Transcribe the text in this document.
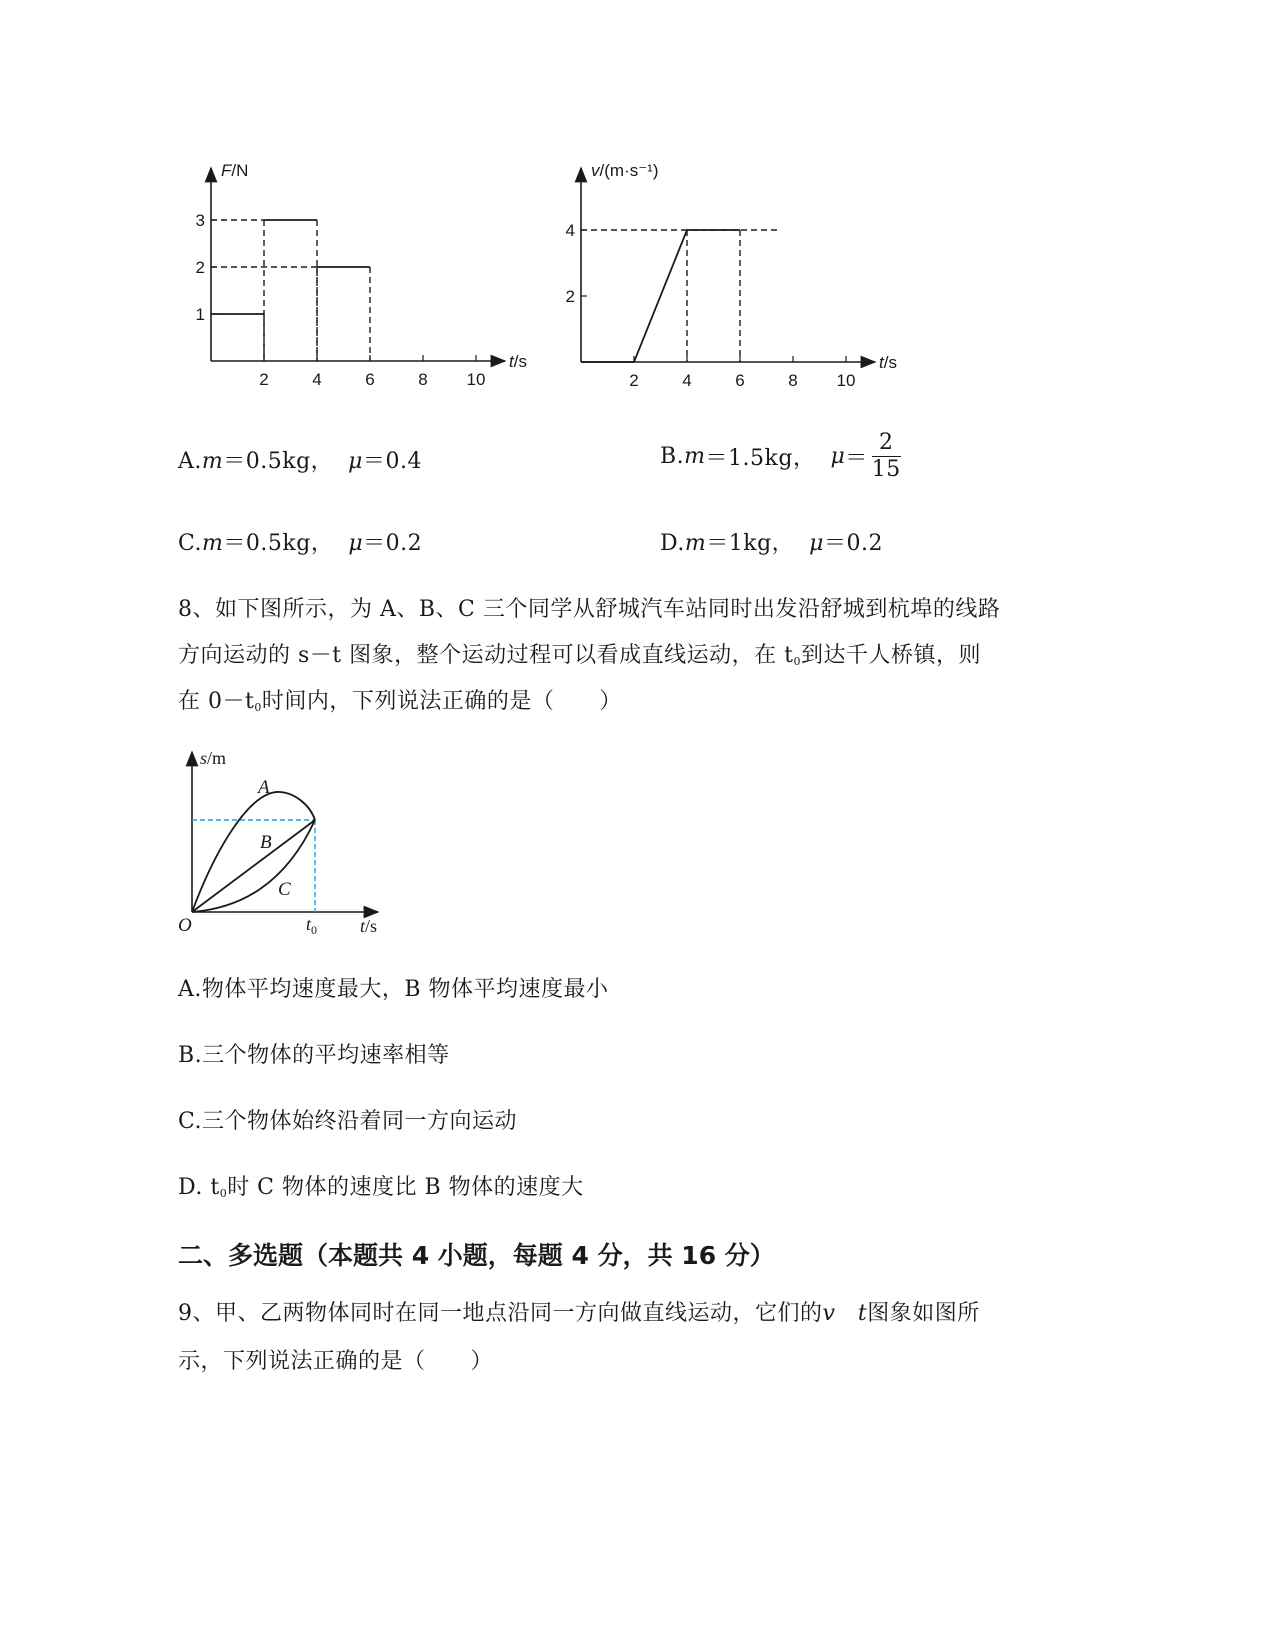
2	4	6	8 10
1
2
3
F/N
t/s
2	4	6	8 10
2
4
v/(m·s⁻¹)
t/s
A.m＝0.5kg， μ＝0.4	B.m＝1.5kg， $\mu= \frac{2}{15}$
C.m＝0.5kg， μ＝0.2	D.m＝1kg， μ＝0.2
8、如下图所示，为 A、B、C 三个同学从舒城汽车站同时出发沿舒城到杭埠的线路
方向运动的 s－t 图象，整个运动过程可以看成直线运动，在 $t_0$到达千人桥镇，则
在 $0-t_0$时间内，下列说法正确的是（　　）
s/m
t/s
O	$t_0$
A
B
C
A.物体平均速度最大，B 物体平均速度最小
B.三个物体的平均速率相等
C.三个物体始终沿着同一方向运动
D. $t_0$时 C 物体的速度比 B 物体的速度大
二、多选题（本题共 4 小题，每题 4 分，共 16 分）
9、甲、乙两物体同时在同一地点沿同一方向做直线运动，它们的v t图象如图所
示，下列说法正确的是（　　）
